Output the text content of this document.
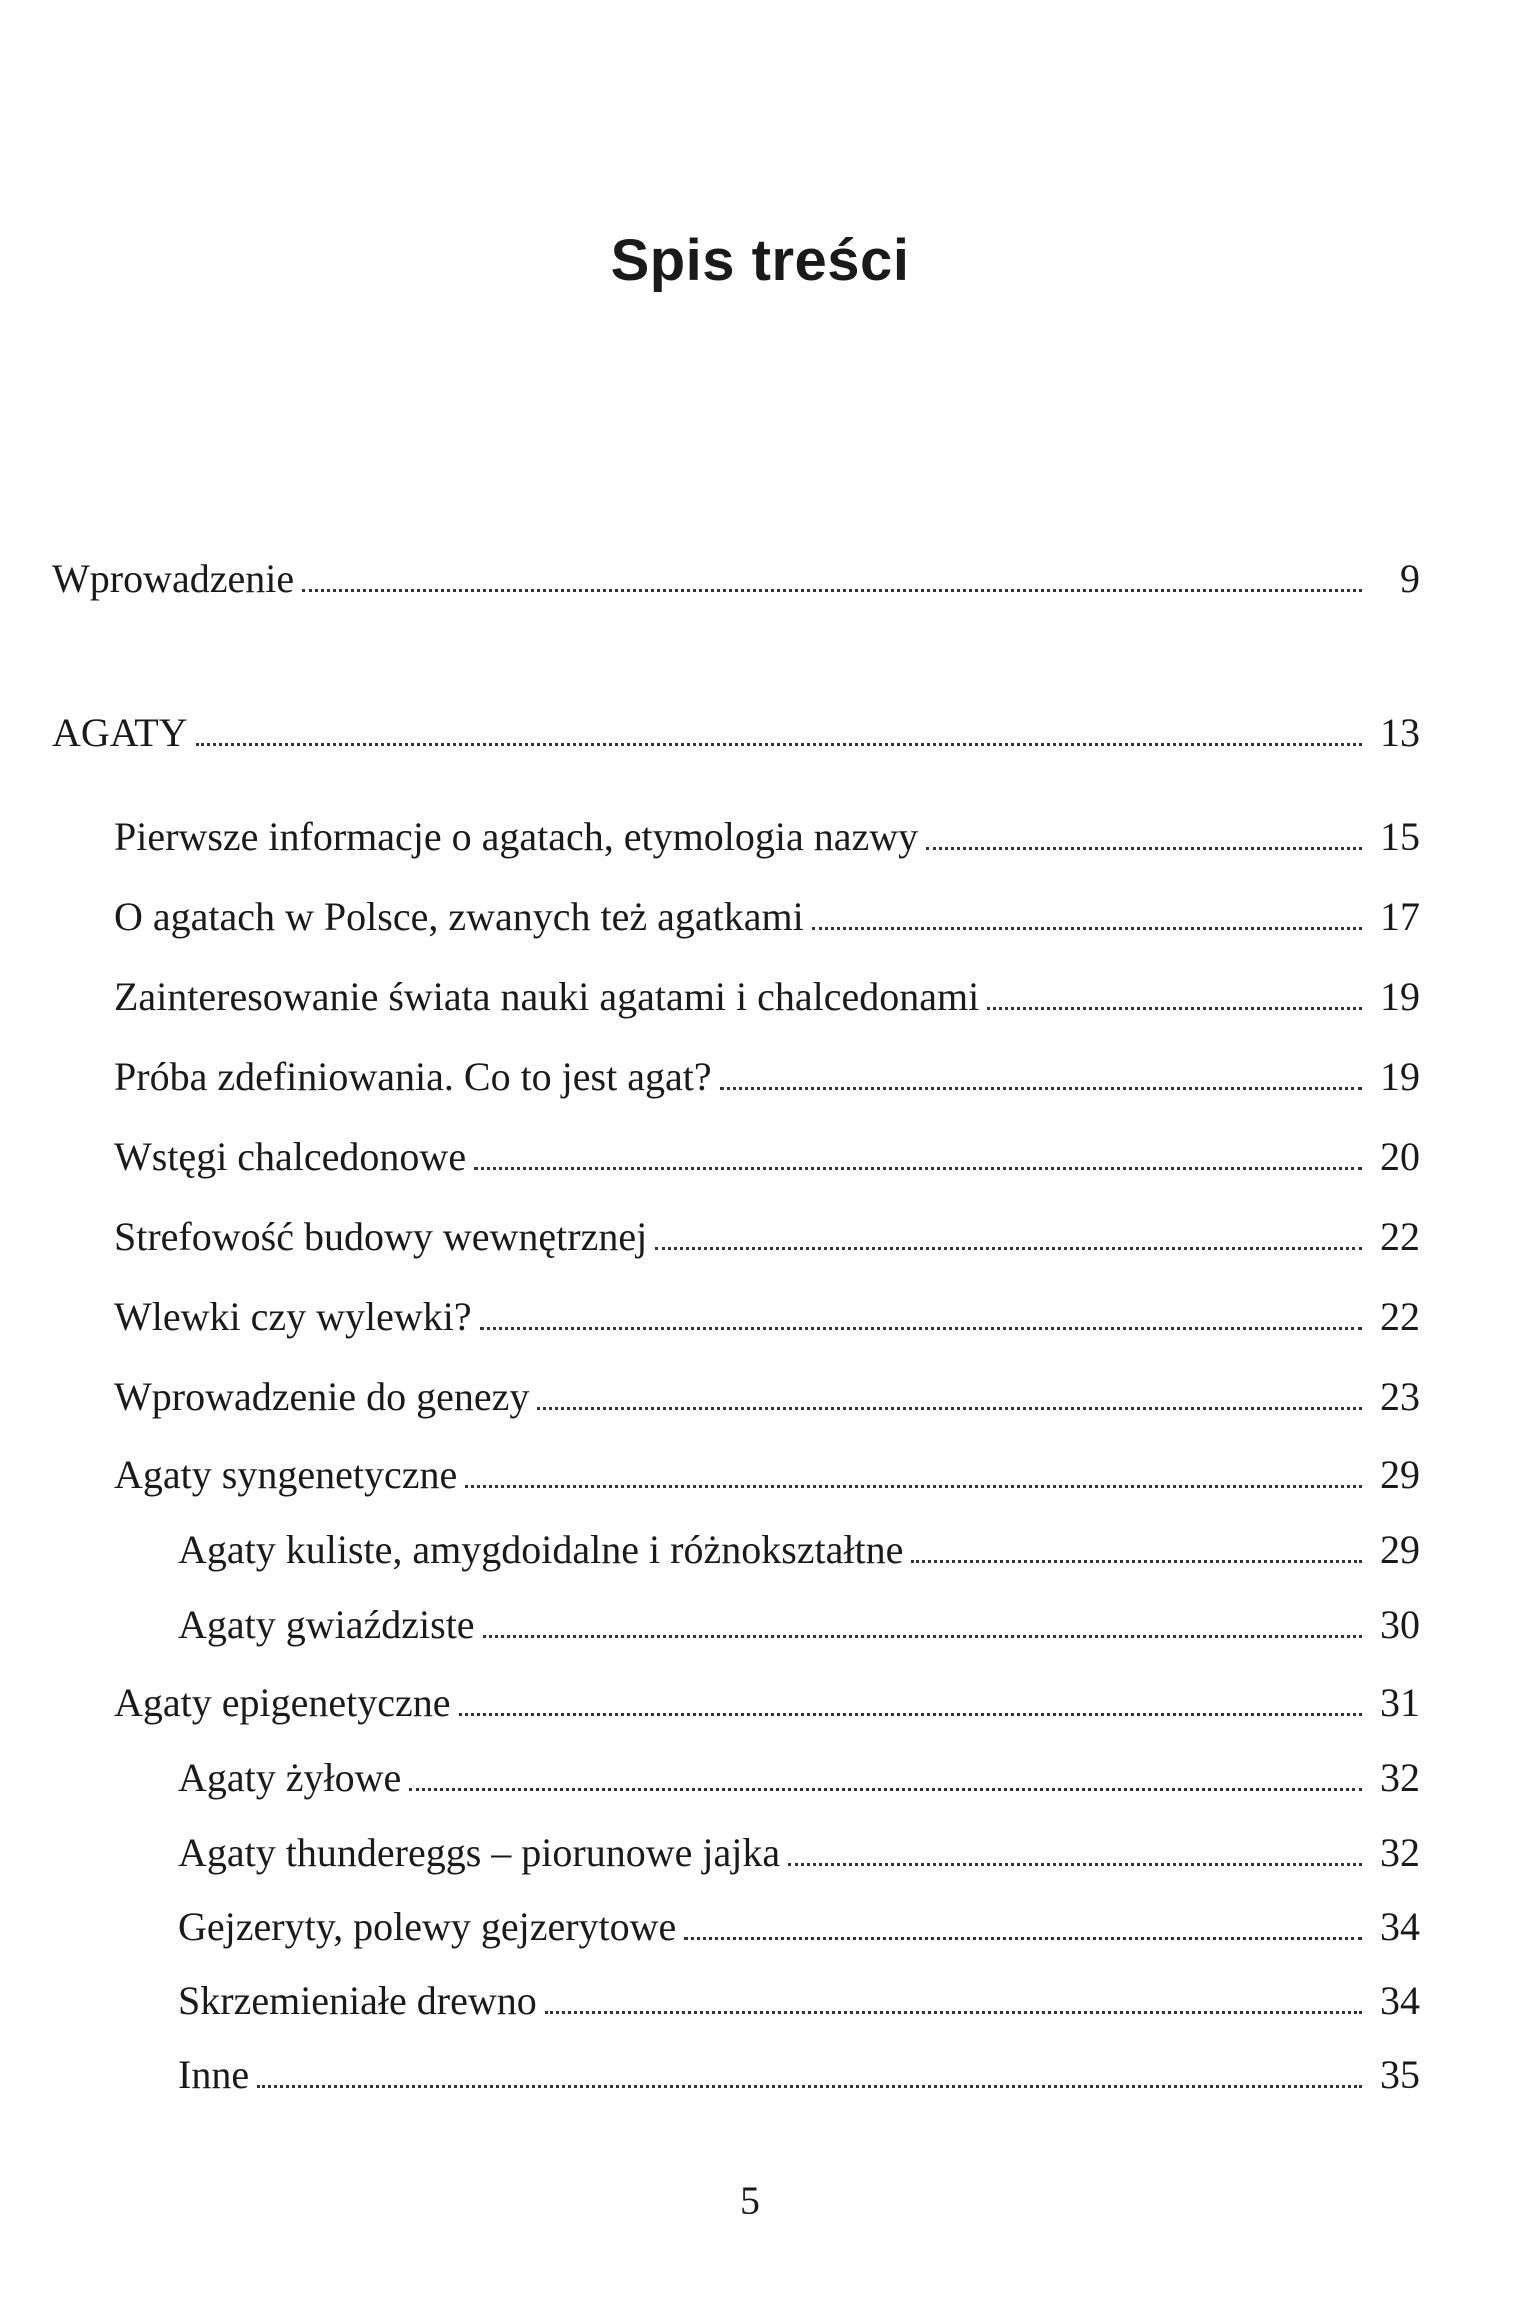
Spis treści
Wprowadzenie	9
AGATY	13
Pierwsze informacje o agatach, etymologia nazwy	15
O agatach w Polsce, zwanych też agatkami	17
Zainteresowanie świata nauki agatami i chalcedonami	19
Próba zdefiniowania. Co to jest agat?	19
Wstęgi chalcedonowe	20
Strefowość budowy wewnętrznej	22
Wlewki czy wylewki?	22
Wprowadzenie do genezy	23
Agaty syngenetyczne	29
Agaty kuliste, amygdoidalne i różnokształtne	29
Agaty gwiaździste	30
Agaty epigenetyczne	31
Agaty żyłowe	32
Agaty thundereggs – piorunowe jajka	32
Gejzeryty, polewy gejzerytowe	34
Skrzemieniałe drewno	34
Inne	35
5
